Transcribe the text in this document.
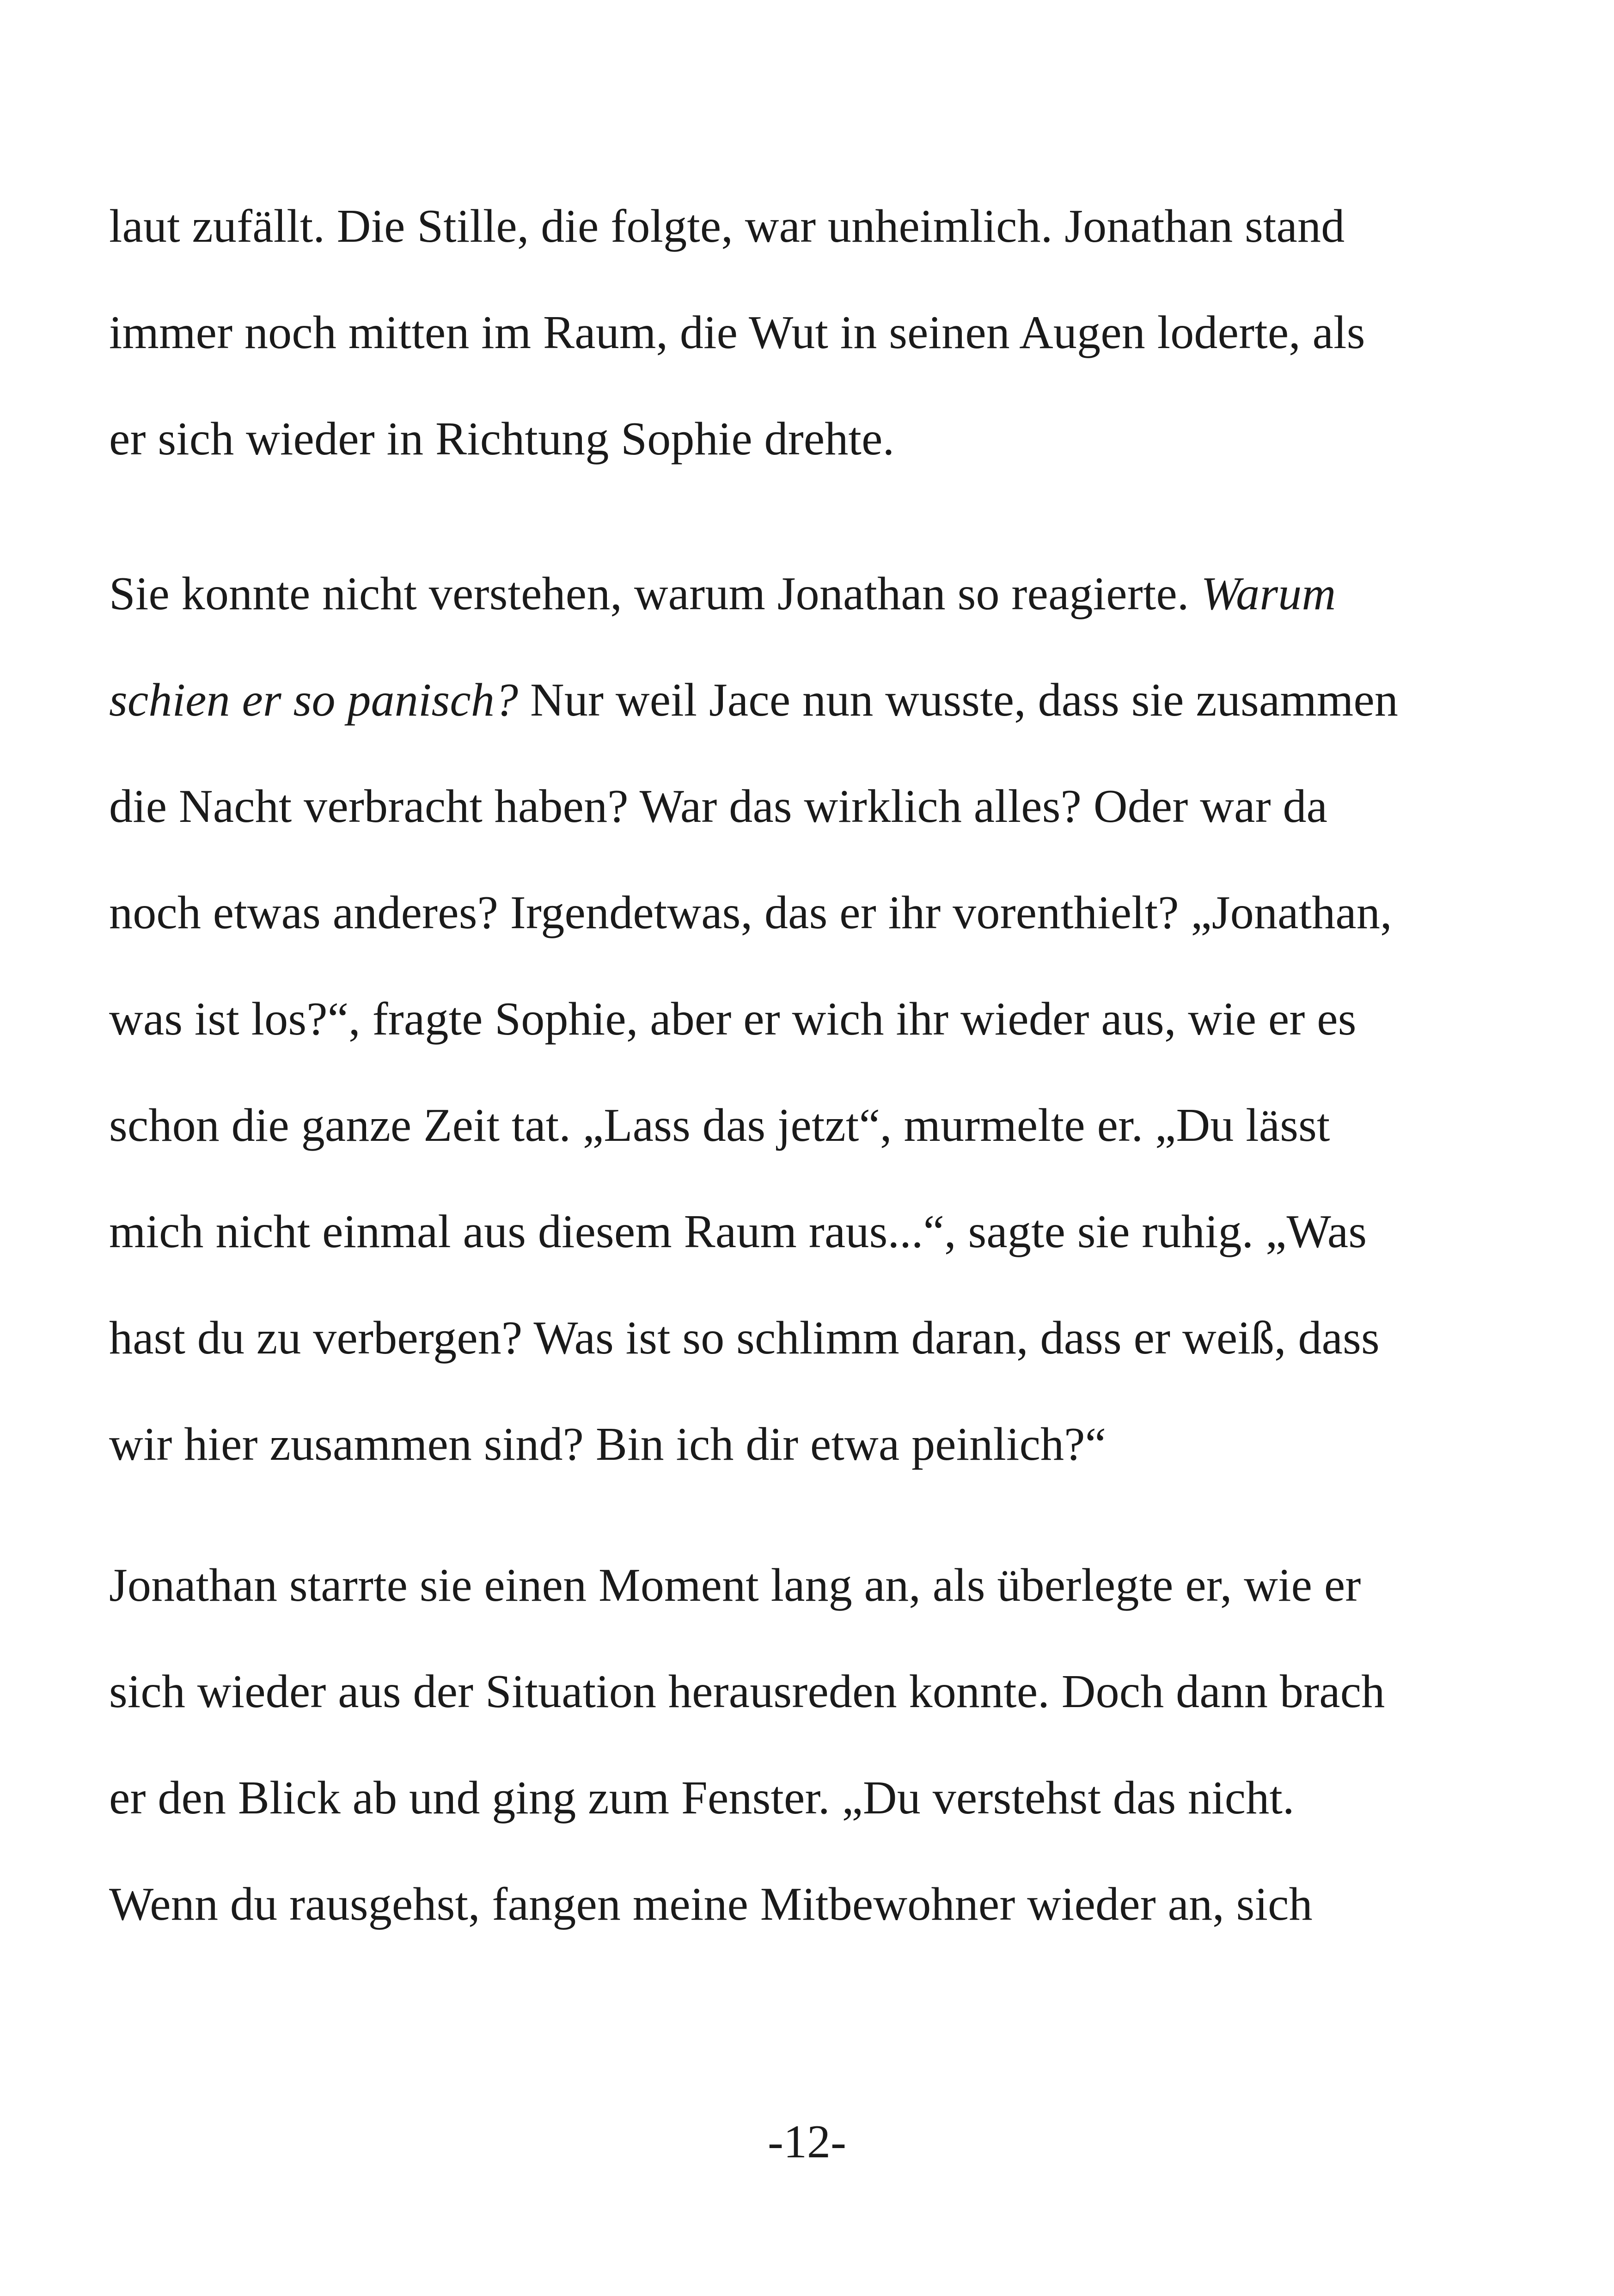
laut zufällt. Die Stille, die folgte, war unheimlich. Jonathan stand
immer noch mitten im Raum, die Wut in seinen Augen loderte, als
er sich wieder in Richtung Sophie drehte.
Sie konnte nicht verstehen, warum Jonathan so reagierte. Warum
schien er so panisch? Nur weil Jace nun wusste, dass sie zusammen
die Nacht verbracht haben? War das wirklich alles? Oder war da
noch etwas anderes? Irgendetwas, das er ihr vorenthielt? „Jonathan,
was ist los?“, fragte Sophie, aber er wich ihr wieder aus, wie er es
schon die ganze Zeit tat. „Lass das jetzt“, murmelte er. „Du lässt
mich nicht einmal aus diesem Raum raus...“, sagte sie ruhig. „Was
hast du zu verbergen? Was ist so schlimm daran, dass er weiß, dass
wir hier zusammen sind? Bin ich dir etwa peinlich?“
Jonathan starrte sie einen Moment lang an, als überlegte er, wie er
sich wieder aus der Situation herausreden konnte. Doch dann brach
er den Blick ab und ging zum Fenster. „Du verstehst das nicht.
Wenn du rausgehst, fangen meine Mitbewohner wieder an, sich
-12-
